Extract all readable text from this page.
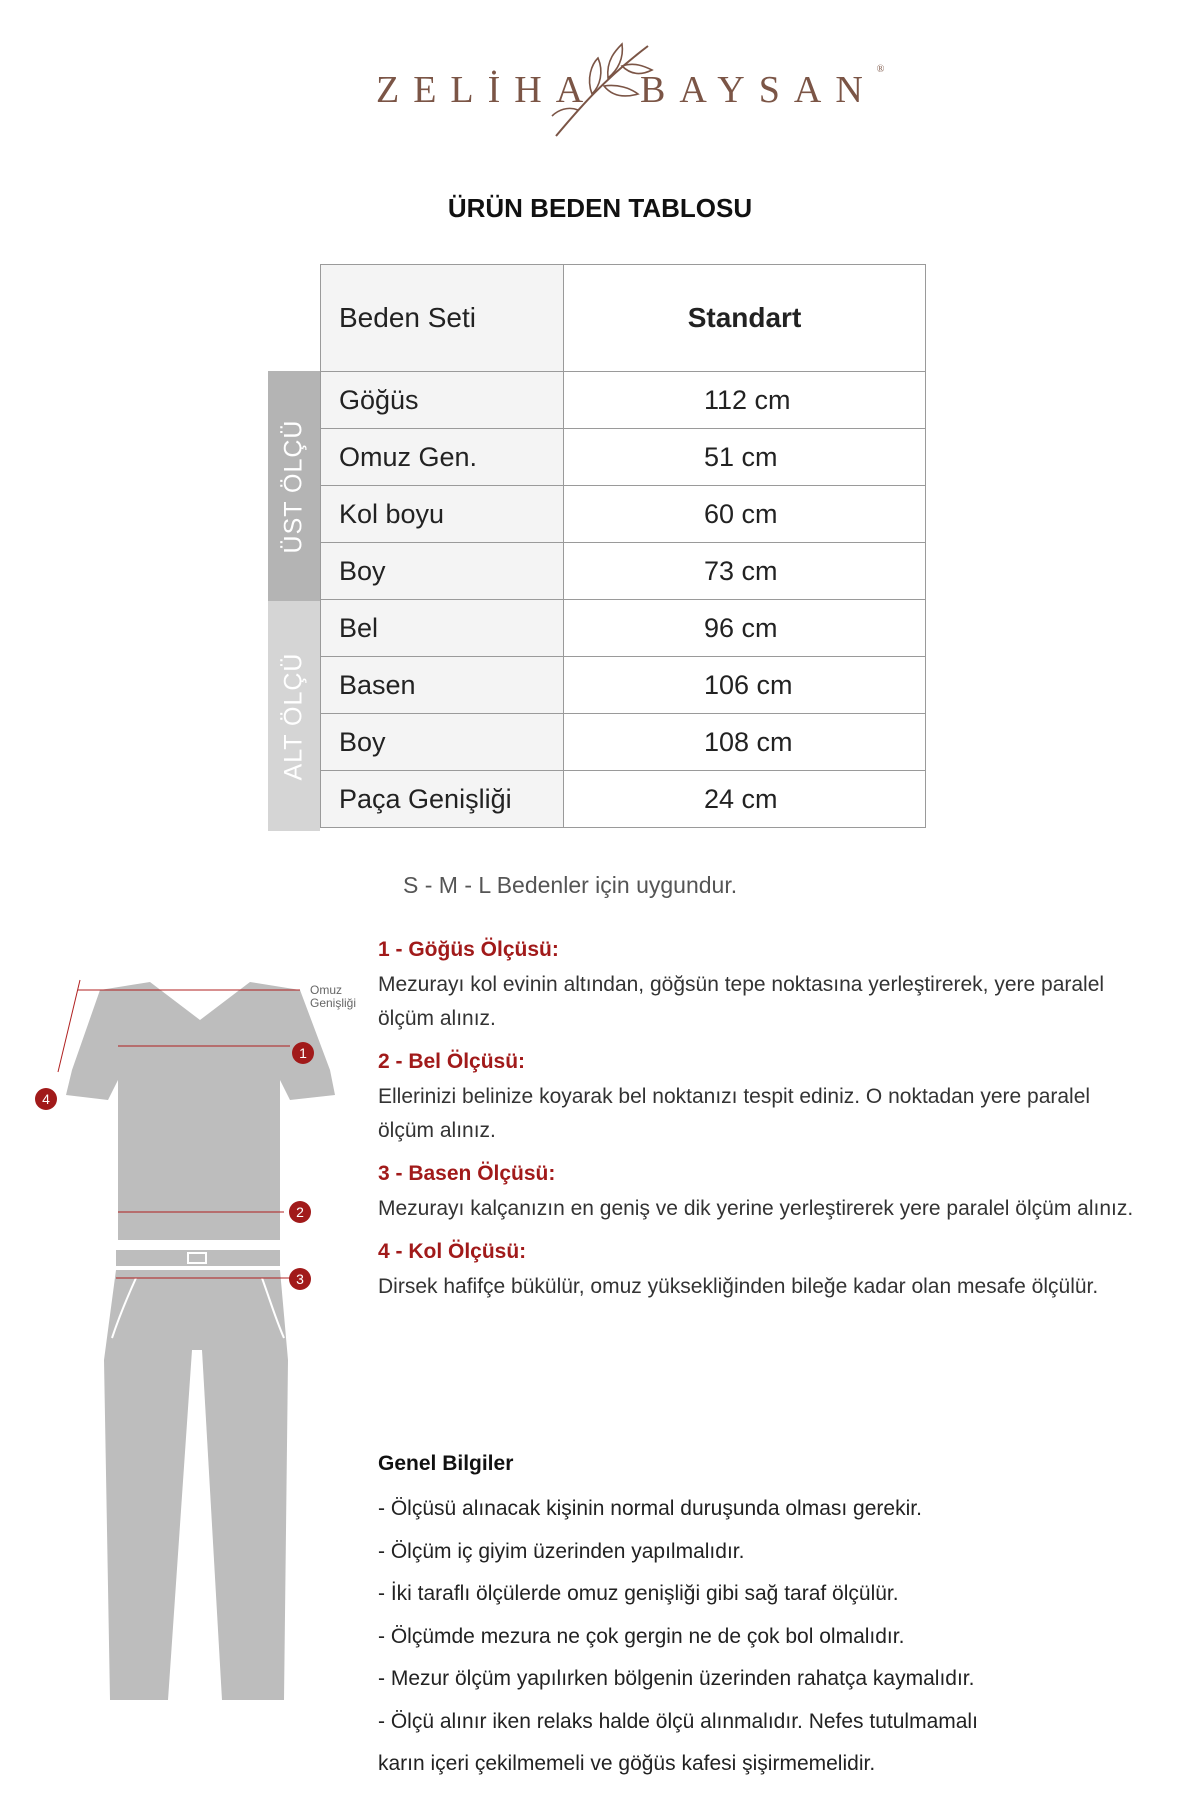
ZELİHA BAYSAN®
ÜRÜN BEDEN TABLOSU
ÜST ÖLÇÜ
ALT ÖLÇÜ
Beden Seti	Standart
Göğüs	112 cm
Omuz Gen.	51 cm
Kol boyu	60 cm
Boy	73 cm
Bel	96 cm
Basen	106 cm
Boy	108 cm
Paça Genişliği	24 cm
S - M - L Bedenler için uygundur.
1
2
3
4
Omuz
Genişliği
1 - Göğüs Ölçüsü:
Mezurayı kol evinin altından, göğsün tepe noktasına yerleştirerek, yere paralel ölçüm alınız.
2 - Bel Ölçüsü:
Ellerinizi belinize koyarak bel noktanızı tespit ediniz. O noktadan yere paralel ölçüm alınız.
3 - Basen Ölçüsü:
Mezurayı kalçanızın en geniş ve dik yerine yerleştirerek yere paralel ölçüm alınız.
4 - Kol Ölçüsü:
Dirsek hafifçe bükülür, omuz yüksekliğinden bileğe kadar olan mesafe ölçülür.
Genel Bilgiler
- Ölçüsü alınacak kişinin normal duruşunda olması gerekir.
- Ölçüm iç giyim üzerinden yapılmalıdır.
- İki taraflı ölçülerde omuz genişliği gibi sağ taraf ölçülür.
- Ölçümde mezura ne çok gergin ne de çok bol olmalıdır.
- Mezur ölçüm yapılırken bölgenin üzerinden rahatça kaymalıdır.
- Ölçü alınır iken relaks halde ölçü alınmalıdır. Nefes tutulmamalı
karın içeri çekilmemeli ve göğüs kafesi şişirmemelidir.
